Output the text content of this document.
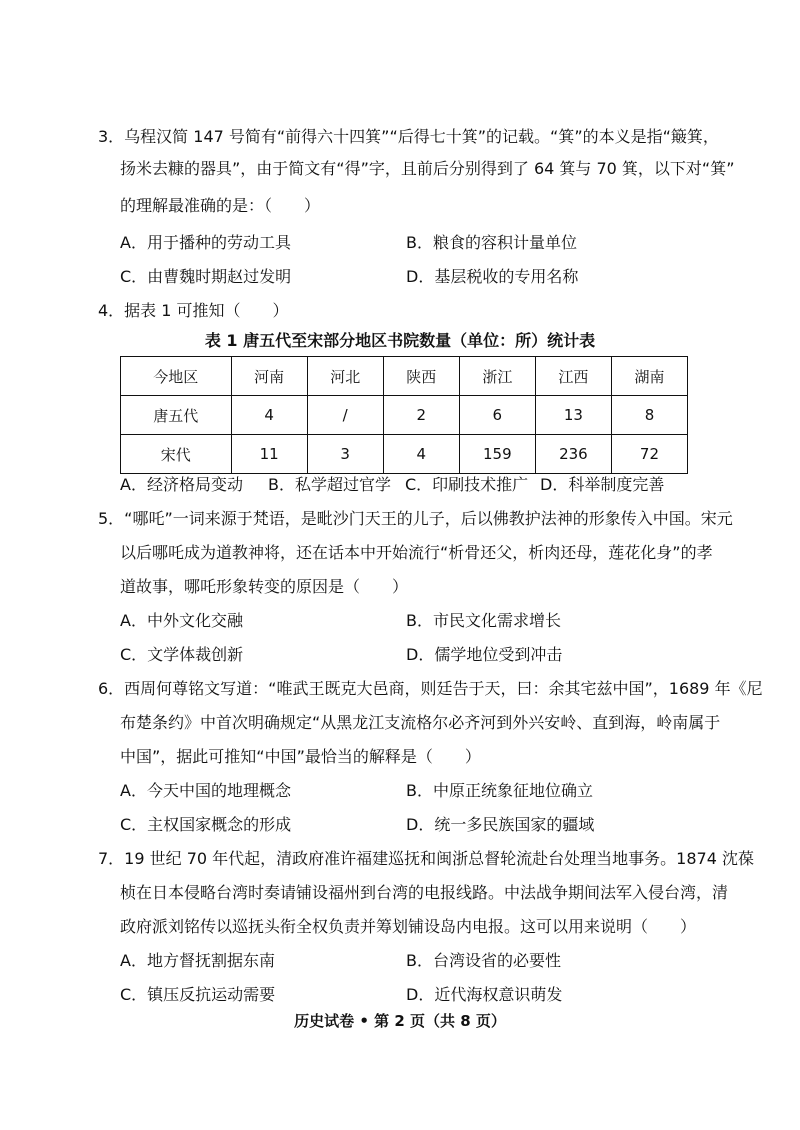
3．乌程汉简 147 号简有“前得六十四箕”“后得七十箕”的记载。“箕”的本义是指“簸箕，
扬米去糠的器具”，由于简文有“得”字，且前后分别得到了 64 箕与 70 箕，以下对“箕”
的理解最准确的是：（　　）
A．用于播种的劳动工具	B．粮食的容积计量单位
C．由曹魏时期赵过发明	D．基层税收的专用名称
4．据表 1 可推知（　　）
表 1 唐五代至宋部分地区书院数量（单位：所）统计表
今地区	河南	河北	陕西	浙江	江西	湖南
唐五代	4	/	2	6	13	8
宋代	11	3	4	159	236	72
A．经济格局变动 B．私学超过官学 C．印刷技术推广 D．科举制度完善
5．“哪吒”一词来源于梵语，是毗沙门天王的儿子，后以佛教护法神的形象传入中国。宋元
以后哪吒成为道教神将，还在话本中开始流行“析骨还父，析肉还母，莲花化身”的孝
道故事，哪吒形象转变的原因是（　　）
A．中外文化交融	B．市民文化需求增长
C．文学体裁创新	D．儒学地位受到冲击
6．西周何尊铭文写道：“唯武王既克大邑商，则廷告于天，曰：余其宅兹中国”，1689 年《尼
布楚条约》中首次明确规定“从黑龙江支流格尔必齐河到外兴安岭、直到海，岭南属于
中国”，据此可推知“中国”最恰当的解释是（　　）
A．今天中国的地理概念	B．中原正统象征地位确立
C．主权国家概念的形成	D．统一多民族国家的疆域
7．19 世纪 70 年代起，清政府准许福建巡抚和闽浙总督轮流赴台处理当地事务。1874 沈葆
桢在日本侵略台湾时奏请铺设福州到台湾的电报线路。中法战争期间法军入侵台湾，清
政府派刘铭传以巡抚头衔全权负责并筹划铺设岛内电报。这可以用来说明（　　）
A．地方督抚割据东南	B．台湾设省的必要性
C．镇压反抗运动需要	D．近代海权意识萌发
历史试卷 • 第 2 页（共 8 页）
